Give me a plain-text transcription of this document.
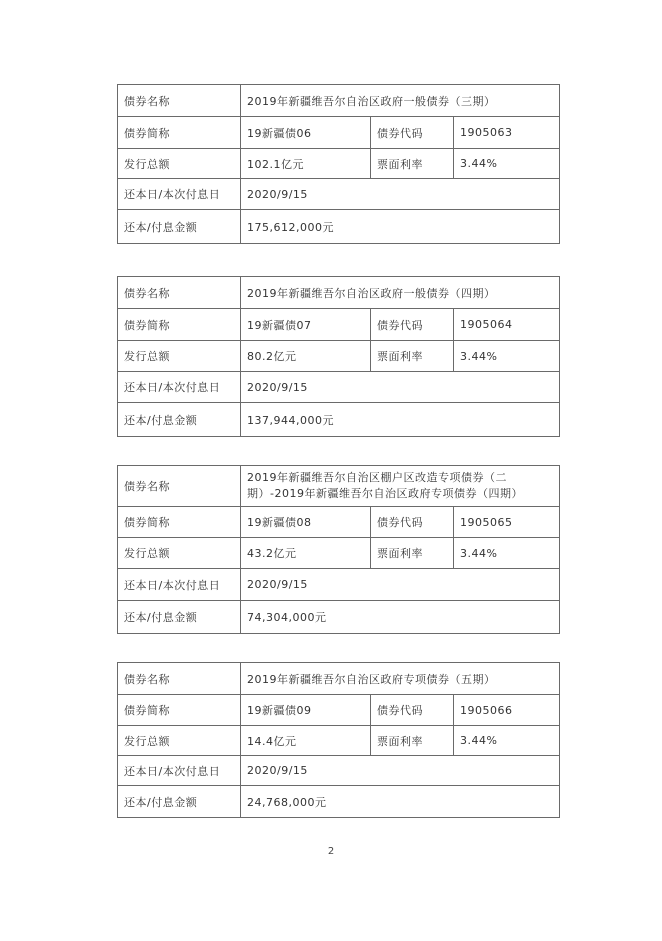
债券名称	2019年新疆维吾尔自治区政府一般债券（三期）		
债券简称	19新疆债06	债券代码	1905063
发行总额	102.1亿元	票面利率	3.44%
还本日/本次付息日	2020/9/15		
还本/付息金额	175,612,000元		
债券名称	2019年新疆维吾尔自治区政府一般债券（四期）		
债券简称	19新疆债07	债券代码	1905064
发行总额	80.2亿元	票面利率	3.44%
还本日/本次付息日	2020/9/15		
还本/付息金额	137,944,000元		
债券名称	2019年新疆维吾尔自治区棚户区改造专项债券（二期）-2019年新疆维吾尔自治区政府专项债券（四期）		
债券简称	19新疆债08	债券代码	1905065
发行总额	43.2亿元	票面利率	3.44%
还本日/本次付息日	2020/9/15		
还本/付息金额	74,304,000元		
债券名称	2019年新疆维吾尔自治区政府专项债券（五期）		
债券简称	19新疆债09	债券代码	1905066
发行总额	14.4亿元	票面利率	3.44%
还本日/本次付息日	2020/9/15		
还本/付息金额	24,768,000元		
2
